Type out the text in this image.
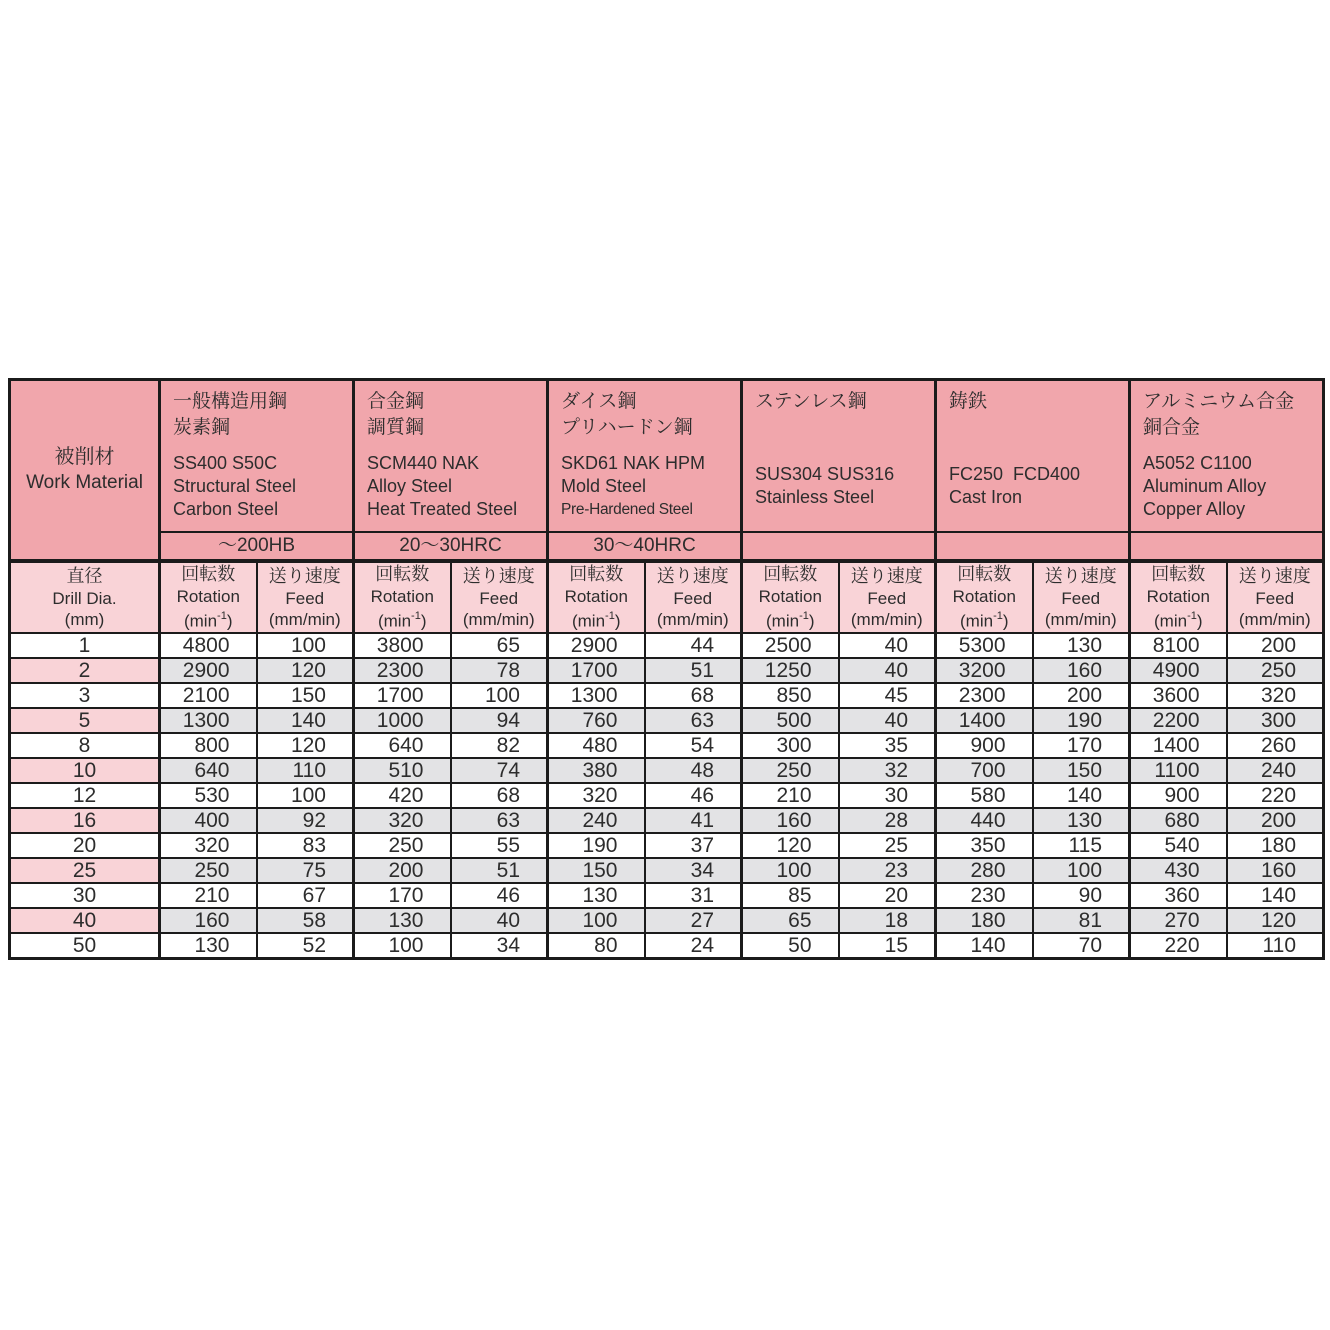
被削材
Work Material

一般構造用鋼
炭素鋼
SS400 S50C
Structural Steel
Carbon Steel

合金鋼
調質鋼
SCM440 NAK
Alloy Steel
Heat Treated Steel

ダイス鋼
プリハードン鋼
SKD61 NAK HPM
Mold Steel
Pre-Hardened Steel

ステンレス鋼
SUS304 SUS316
Stainless Steel

鋳鉄
FC250  FCD400
Cast Iron

アルミニウム合金
銅合金
A5052 C1100
Aluminum Alloy
Copper Alloy

	～200HB		20～30HRC		30～40HRC							

直径
Drill Dia.
(mm)

回転数
Rotation
$(\min^{-1})$

送り速度
Feed
(mm/min)

回転数
Rotation
$(\min^{-1})$

送り速度
Feed
(mm/min)

回転数
Rotation
$(\min^{-1})$

送り速度
Feed
(mm/min)

回転数
Rotation
$(\min^{-1})$

送り速度
Feed
(mm/min)

回転数
Rotation
$(\min^{-1})$

送り速度
Feed
(mm/min)

回転数
Rotation
$(\min^{-1})$

送り速度
Feed
(mm/min)

1	4800	100	3800	65	2900	44	2500	40	5300	130	8100	200
2	2900	120	2300	78	1700	51	1250	40	3200	160	4900	250
3	2100	150	1700	100	1300	68	850	45	2300	200	3600	320
5	1300	140	1000	94	760	63	500	40	1400	190	2200	300
8	800	120	640	82	480	54	300	35	900	170	1400	260
10	640	110	510	74	380	48	250	32	700	150	1100	240
12	530	100	420	68	320	46	210	30	580	140	900	220
16	400	92	320	63	240	41	160	28	440	130	680	200
20	320	83	250	55	190	37	120	25	350	115	540	180
25	250	75	200	51	150	34	100	23	280	100	430	160
30	210	67	170	46	130	31	85	20	230	90	360	140
40	160	58	130	40	100	27	65	18	180	81	270	120
50	130	52	100	34	80	24	50	15	140	70	220	110
